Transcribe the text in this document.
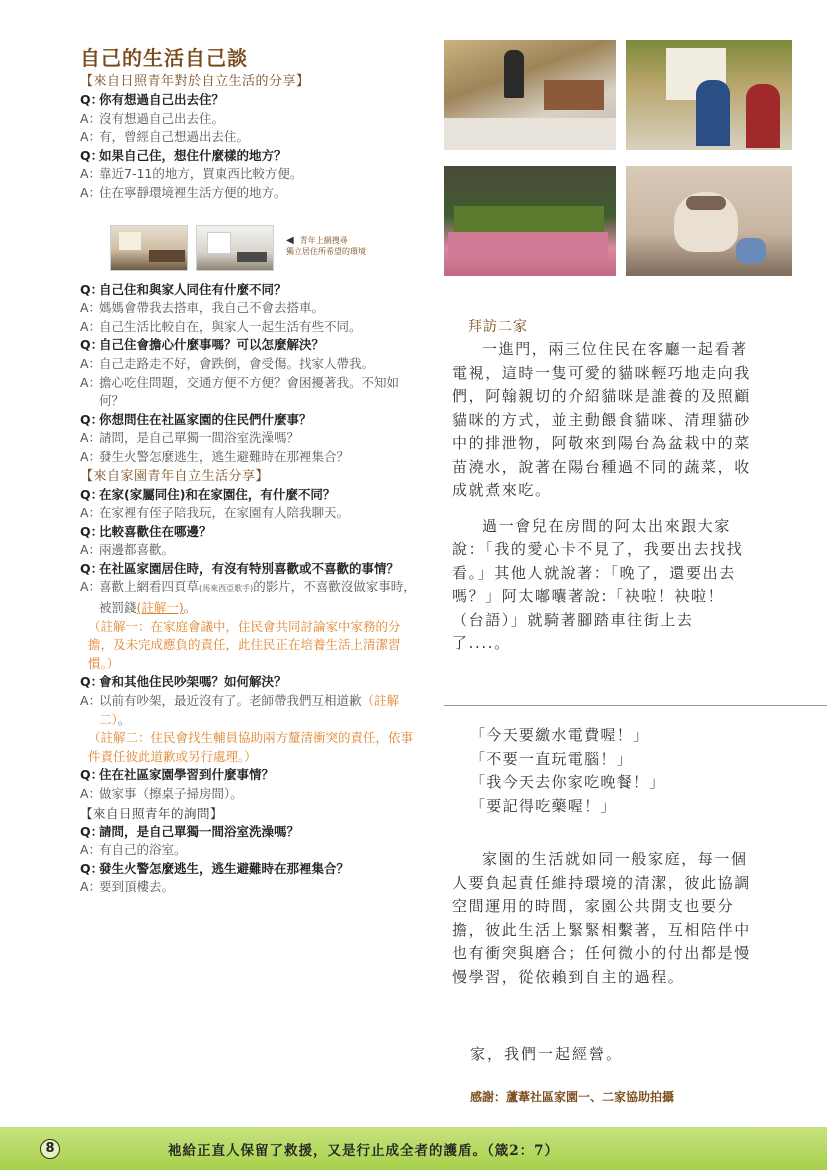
自己的生活自己談
【來自日照青年對於自立生活的分享】
Q：
你有想過自己出去住？
A：
沒有想過自己出去住。
A：
有，曾經自己想過出去住。
Q：
如果自己住，想住什麼樣的地方？
A：
靠近7-11的地方，買東西比較方便。
A：
住在寧靜環境裡生活方便的地方。
◀ 青年上網搜尋
獨立居住所希望的環境
Q：
自己住和與家人同住有什麼不同？
A：
媽媽會帶我去搭車，我自己不會去搭車。
A：
自己生活比較自在，與家人一起生活有些不同。
Q：
自己住會擔心什麼事嗎？可以怎麼解決？
A：
自己走路走不好，會跌倒，會受傷。找家人帶我。
A：
擔心吃住問題，交通方便不方便？會困擾著我。不知如何？
Q：
你想問住在社區家園的住民們什麼事？
A：
請問，是自己單獨一間浴室洗澡嗎？
A：
發生火警怎麼逃生，逃生避難時在那裡集合？
【來自家園青年自立生活分享】
Q：
在家(家屬同住)和在家園住，有什麼不同？
A：
在家裡有侄子陪我玩，在家園有人陪我聊天。
Q：
比較喜歡住在哪邊？
A：
兩邊都喜歡。
Q：
在社區家園居住時，有沒有特別喜歡或不喜歡的事情？
A：
喜歡上網看四頁草(馬來西亞歌手)的影片，不喜歡沒做家事時，被罰錢(註解一)。
（註解一：在家庭會議中，住民會共同討論家中家務的分擔，及未完成應負的責任，此住民正在培養生活上清潔習慣。）
Q：
會和其他住民吵架嗎？如何解決？
A：
以前有吵架，最近沒有了。老師帶我們互相道歉（註解二）。
（註解二：住民會找生輔員協助兩方釐清衝突的責任，依事件責任彼此道歉或另行處理。）
Q：
住在社區家園學習到什麼事情？
A：
做家事（擦桌子掃房間）。
【來自日照青年的詢問】
Q：
請問，是自己單獨一間浴室洗澡嗎？
A：
有自己的浴室。
Q：
發生火警怎麼逃生，逃生避難時在那裡集合？
A：
要到頂樓去。
拜訪二家
一進門，兩三位住民在客廳一起看著電視，這時一隻可愛的貓咪輕巧地走向我們，阿翰親切的介紹貓咪是誰養的及照顧貓咪的方式，並主動餵食貓咪、清理貓砂中的排泄物，阿敬來到陽台為盆栽中的菜苗澆水，說著在陽台種過不同的蔬菜，收成就煮來吃。
過一會兒在房間的阿太出來跟大家說：「我的愛心卡不見了，我要出去找找看。」其他人就說著：「晚了，還要出去嗎？」阿太嘟囔著說:「袂啦！袂啦！（台語）」就騎著腳踏車往街上去了....。
「今天要繳水電費喔！」
「不要一直玩電腦！」
「我今天去你家吃晚餐！」
「要記得吃藥喔！」
家園的生活就如同一般家庭，每一個人要負起責任維持環境的清潔，彼此協調空間運用的時間，家園公共開支也要分擔，彼此生活上緊緊相繫著，互相陪伴中也有衝突與磨合；任何微小的付出都是慢慢學習，從依賴到自主的過程。
家，我們一起經營。
感謝：蘆葦社區家園一、二家協助拍攝
8	祂給正直人保留了救援，又是行止成全者的護盾。（箴2：7）
